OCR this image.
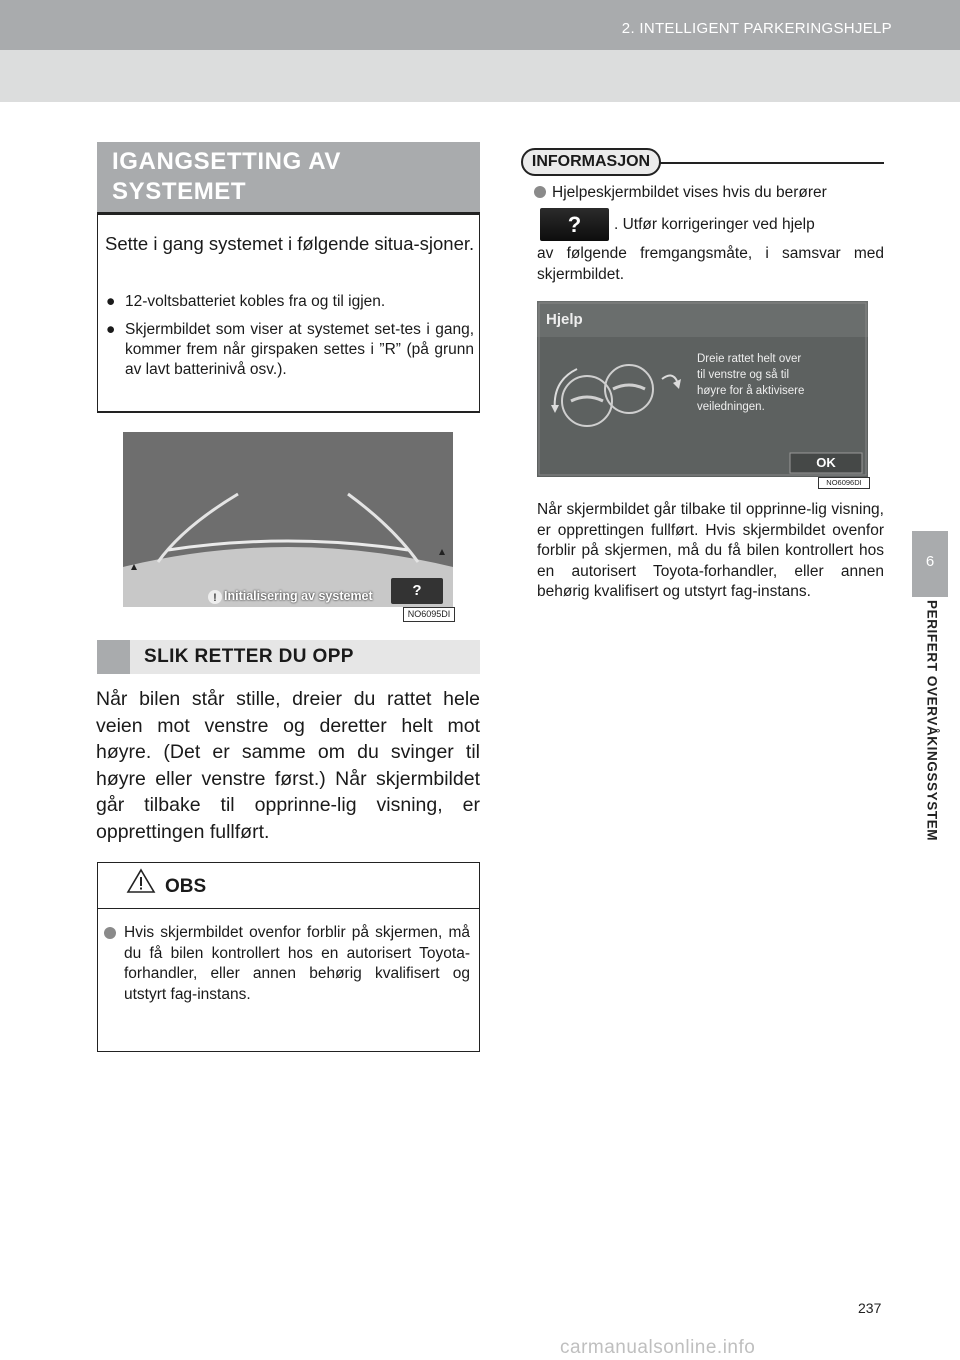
2. INTELLIGENT PARKERINGSHJELP
6
PERIFERT OVERVÅKINGSSYSTEM
IGANGSETTING AV
SYSTEMET
Sette i gang systemet i følgende situa-sjoner.
● 12-voltsbatteriet kobles fra og til igjen.
● Skjermbildet som viser at systemet set-tes i gang, kommer frem når girspaken settes i ”R” (på grunn av lavt batterinivå osv.).
! Initialisering av systemet	?
NO6095DI
SLIK RETTER DU OPP
Når bilen står stille, dreier du rattet hele veien mot venstre og deretter helt mot høyre. (Det er samme om du svinger til høyre eller venstre først.) Når skjermbildet går tilbake til opprinne-lig visning, er opprettingen fullført.
OBS
Hvis skjermbildet ovenfor forblir på skjermen, må du få bilen kontrollert hos en autorisert Toyota-forhandler, eller annen behørig kvalifisert og utstyrt fag-instans.
INFORMASJON
Hjelpeskjermbildet vises hvis du berører
?	. Utfør korrigeringer ved hjelp
av følgende fremgangsmåte, i samsvar med skjermbildet.
Hjelp
Dreie rattet helt over
til venstre og så til
høyre for å aktivisere
veiledningen.
OK
NO6096DI
Når skjermbildet går tilbake til opprinne-lig visning, er opprettingen fullført. Hvis skjermbildet ovenfor forblir på skjermen, må du få bilen kontrollert hos en autorisert Toyota-forhandler, eller annen behørig kvalifisert og utstyrt fag-instans.
237
carmanualsonline.info
